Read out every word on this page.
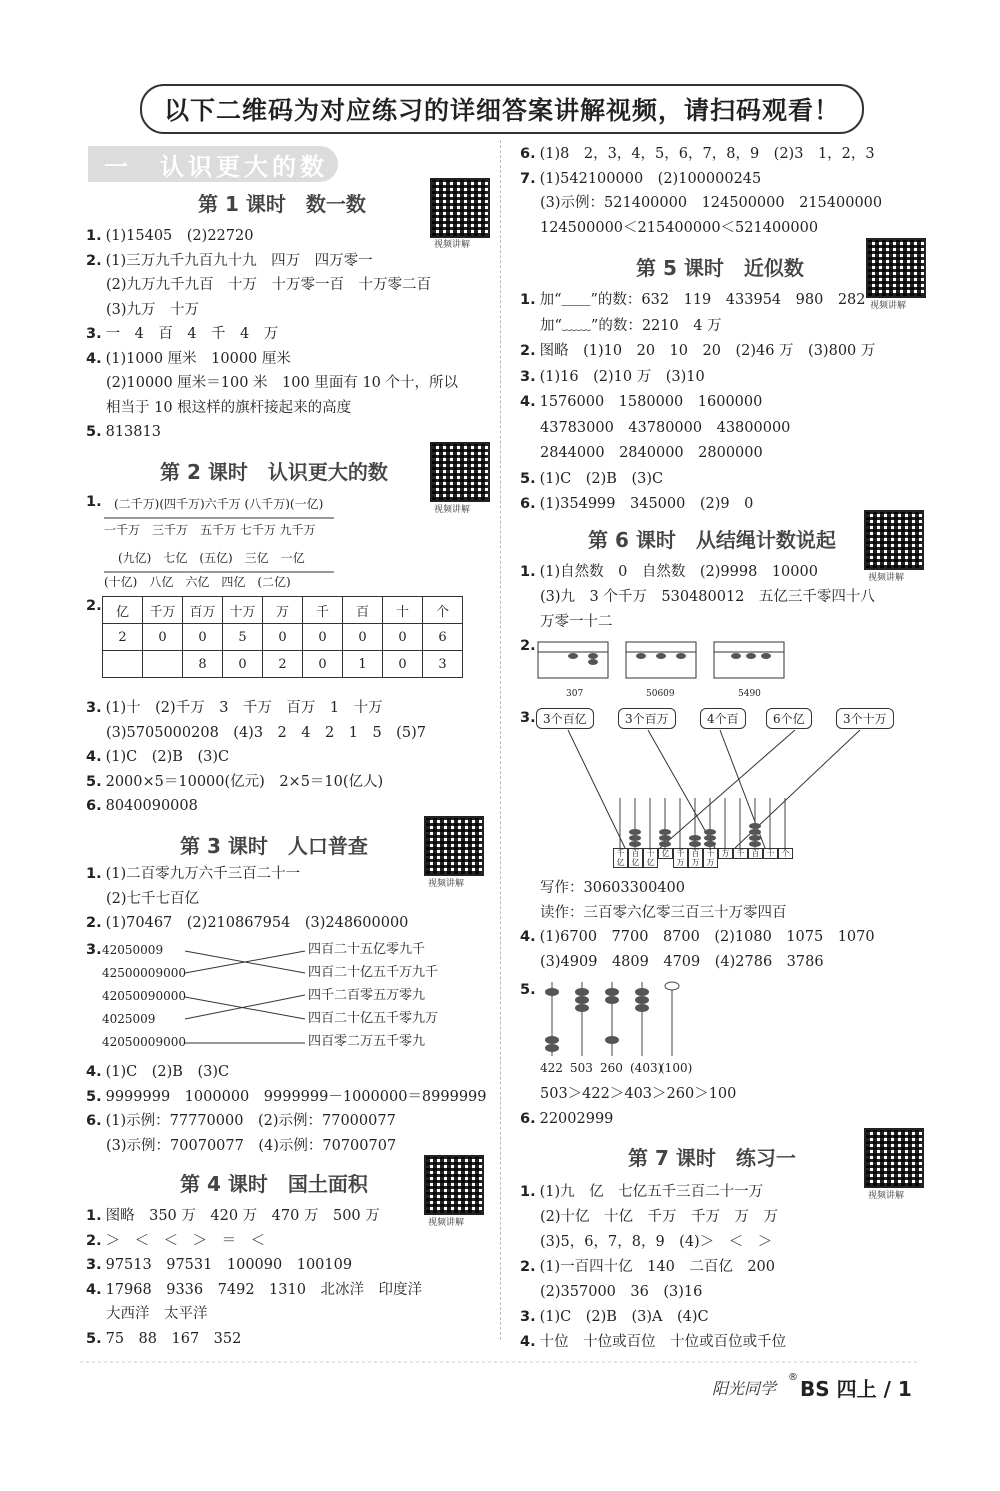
以下二维码为对应练习的详细答案讲解视频，请扫码观看！
一　认识更大的数
第 1 课时　数一数
视频讲解
1. (1)15405　(2)22720
2. (1)三万九千九百九十九　四万　四万零一
(2)九万九千九百　十万　十万零一百　十万零二百
(3)九万　十万
3. 一　4　百　4　千　4　万
4. (1)1000 厘米　10000 厘米
(2)10000 厘米＝100 米　100 里面有 10 个十，所以
相当于 10 根这样的旗杆接起来的高度
5. 813813
第 2 课时　认识更大的数
视频讲解
1.	(二千万)(四千万)六千万 (八千万)(一亿)
一千万　三千万　五千万 七千万 九千万
(九亿)　七亿　(五亿)　三亿　一亿
(十亿)　八亿　六亿　四亿　(二亿)
2.	亿	千万	百万	十万	万	千	百	十	个
2	0	0	5	0	0	0	0	6
		8	0	2	0	1	0	3
3. (1)十　(2)千万　3　千万　百万　1　十万
(3)5705000208　(4)3　2　4　2　1　5　(5)7
4. (1)C　(2)B　(3)C
5. 2000×5＝10000(亿元)　2×5＝10(亿人)
6. 8040090008
第 3 课时　人口普查
视频讲解
1. (1)二百零九万六千三百二十一
(2)七千七百亿
2. (1)70467　(2)210867954　(3)248600000
3. 42050009
42500009000
42050090000
4025009
42050009000
四百二十五亿零九千
四百二十亿五千万九千
四千二百零五万零九
四百二十亿五千零九万
四百零二万五千零九
4. (1)C　(2)B　(3)C
5. 9999999　1000000　9999999－1000000＝8999999
6. (1)示例：77770000　(2)示例：77000077
(3)示例：70070077　(4)示例：70700707
第 4 课时　国土面积
视频讲解
1. 图略　350 万　420 万　470 万　500 万
2. ＞　＜　＜　＞　＝　＜
3. 97513　97531　100090　100109
4. 17968　9336　7492　1310　北冰洋　印度洋
大西洋　太平洋
5. 75　88　167　352
6. (1)8　2，3，4，5，6，7，8，9　(2)3　1，2，3
7. (1)542100000　(2)100000245
(3)示例：521400000　124500000　215400000
124500000＜215400000＜521400000
第 5 课时　近似数
视频讲解
1. 加“＿＿”的数：632　119　433954　980　282
加“﹏﹏”的数：2210　4 万
2. 图略　(1)10　20　10　20　(2)46 万　(3)800 万
3. (1)16　(2)10 万　(3)10
4. 1576000　1580000　1600000
43783000　43780000　43800000
2844000　2840000　2800000
5. (1)C　(2)B　(3)C
6. (1)354999　345000　(2)9　0
第 6 课时　从结绳计数说起
视频讲解
1. (1)自然数　0　自然数　(2)9998　10000
(3)九　3 个千万　530480012　五亿三千零四十八
万零一十二
2.
307	50609	5490
3. 3个百亿	3个百万	4个百	6个亿	3个十万
千亿
百亿
十亿
亿 千万
百万
十万
万 千 百 十 个
写作：30603300400
读作：三百零六亿零三百三十万零四百
4. (1)6700　7700　8700　(2)1080　1075　1070
(3)4909　4809　4709　(4)2786　3786
5.
422 503 260 (403)
(100)
503＞422＞403＞260＞100
6. 22002999
第 7 课时　练习一
视频讲解
1. (1)九　亿　七亿五千三百二十一万
(2)十亿　十亿　千万　千万　万　万
(3)5，6，7，8，9　(4)＞　＜　＞
2. (1)一百四十亿　140　二百亿　200
(2)357000　36　(3)16
3. (1)C　(2)B　(3)A　(4)C
4. 十位　十位或百位　十位或百位或千位
阳光同学
® BS 四上 / 1
